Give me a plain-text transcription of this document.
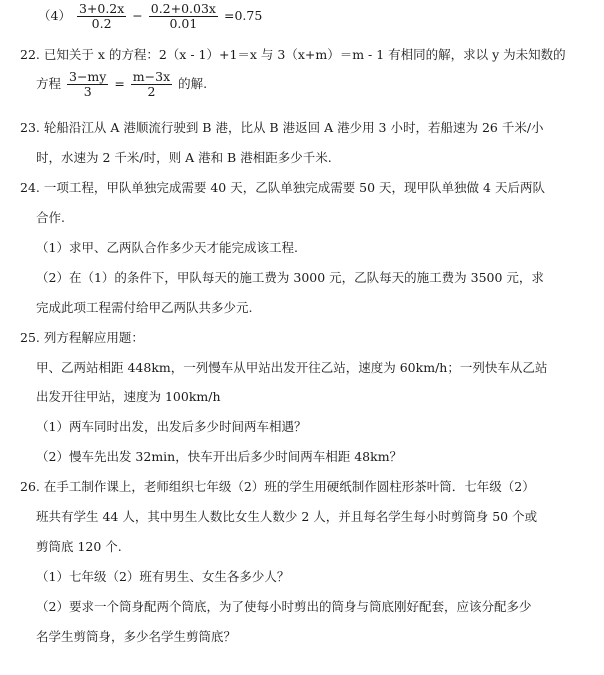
$(4) \frac{3+0.2x}{0.2} - \frac{0.2+0.03x}{0.01} =0.75$
22. 已知关于 x 的方程：2（x - 1）+1＝x 与 3（x+m）＝m - 1 有相同的解，求以 y 为未知数的
方程 $\frac{3-my}{3} = \frac{m-3x}{2}$ 的解.
23. 轮船沿江从 A 港顺流行驶到 B 港，比从 B 港返回 A 港少用 3 小时，若船速为 26 千米/小
时，水速为 2 千米/时，则 A 港和 B 港相距多少千米.
24. 一项工程，甲队单独完成需要 40 天，乙队单独完成需要 50 天，现甲队单独做 4 天后两队
合作.
（1）求甲、乙两队合作多少天才能完成该工程.
（2）在（1）的条件下，甲队每天的施工费为 3000 元，乙队每天的施工费为 3500 元，求
完成此项工程需付给甲乙两队共多少元.
25. 列方程解应用题：
甲、乙两站相距 448km，一列慢车从甲站出发开往乙站，速度为 60km/h；一列快车从乙站
出发开往甲站，速度为 100km/h
（1）两车同时出发，出发后多少时间两车相遇？
（2）慢车先出发 32min，快车开出后多少时间两车相距 48km？
26. 在手工制作课上，老师组织七年级（2）班的学生用硬纸制作圆柱形茶叶筒．七年级（2）
班共有学生 44 人，其中男生人数比女生人数少 2 人，并且每名学生每小时剪筒身 50 个或
剪筒底 120 个.
（1）七年级（2）班有男生、女生各多少人？
（2）要求一个筒身配两个筒底，为了使每小时剪出的筒身与筒底刚好配套，应该分配多少
名学生剪筒身，多少名学生剪筒底？
